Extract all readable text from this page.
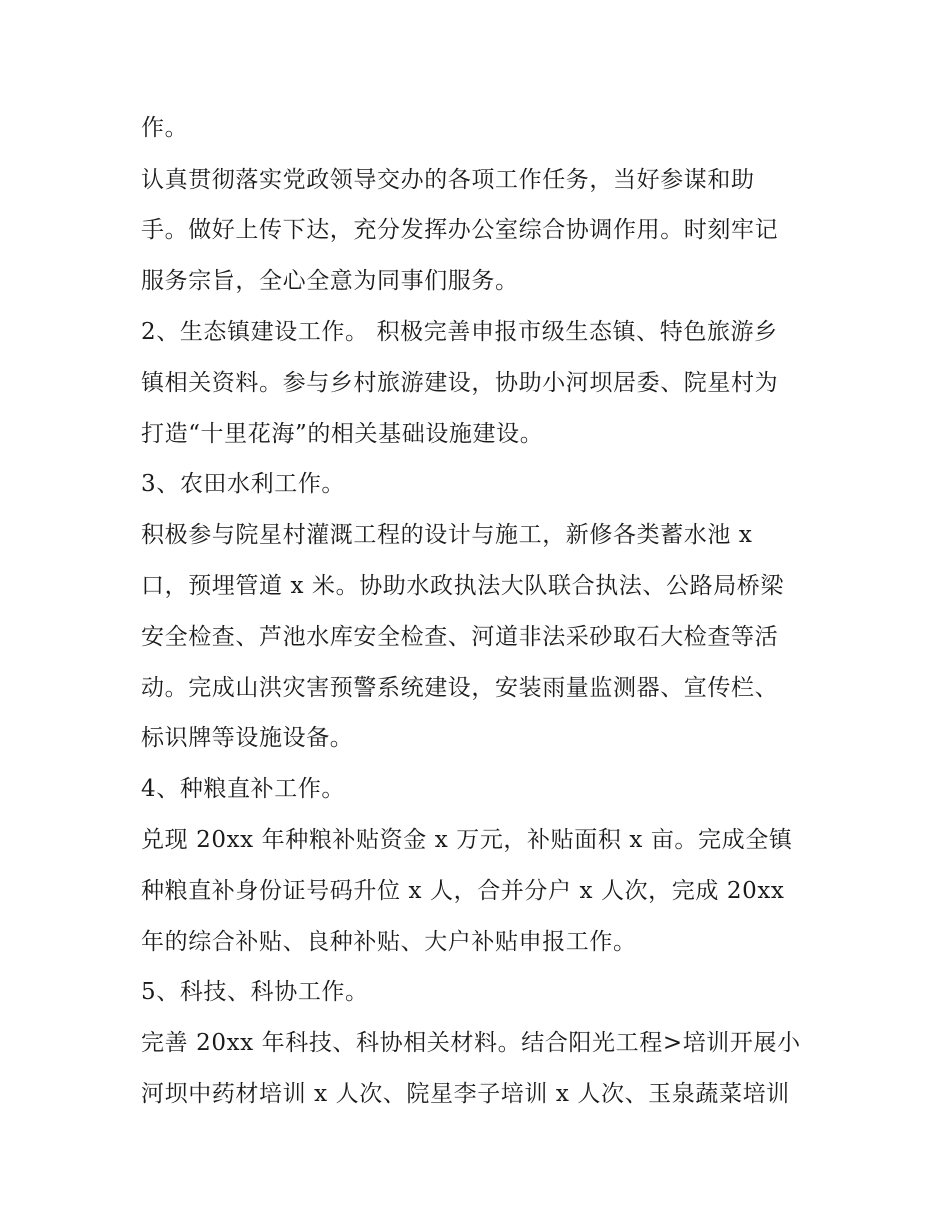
作。
认真贯彻落实党政领导交办的各项工作任务，当好参谋和助
手。做好上传下达，充分发挥办公室综合协调作用。时刻牢记
服务宗旨，全心全意为同事们服务。
2、生态镇建设工作。 积极完善申报市级生态镇、特色旅游乡
镇相关资料。参与乡村旅游建设，协助小河坝居委、院星村为
打造“十里花海”的相关基础设施建设。
3、农田水利工作。
积极参与院星村灌溉工程的设计与施工，新修各类蓄水池 x
口，预埋管道 x 米。协助水政执法大队联合执法、公路局桥梁
安全检查、芦池水库安全检查、河道非法采砂取石大检查等活
动。完成山洪灾害预警系统建设，安装雨量监测器、宣传栏、
标识牌等设施设备。
4、种粮直补工作。
兑现 20xx 年种粮补贴资金 x 万元，补贴面积 x 亩。完成全镇
种粮直补身份证号码升位 x 人，合并分户 x 人次，完成 20xx
年的综合补贴、良种补贴、大户补贴申报工作。
5、科技、科协工作。
完善 20xx 年科技、科协相关材料。结合阳光工程>培训开展小
河坝中药材培训 x 人次、院星李子培训 x 人次、玉泉蔬菜培训
